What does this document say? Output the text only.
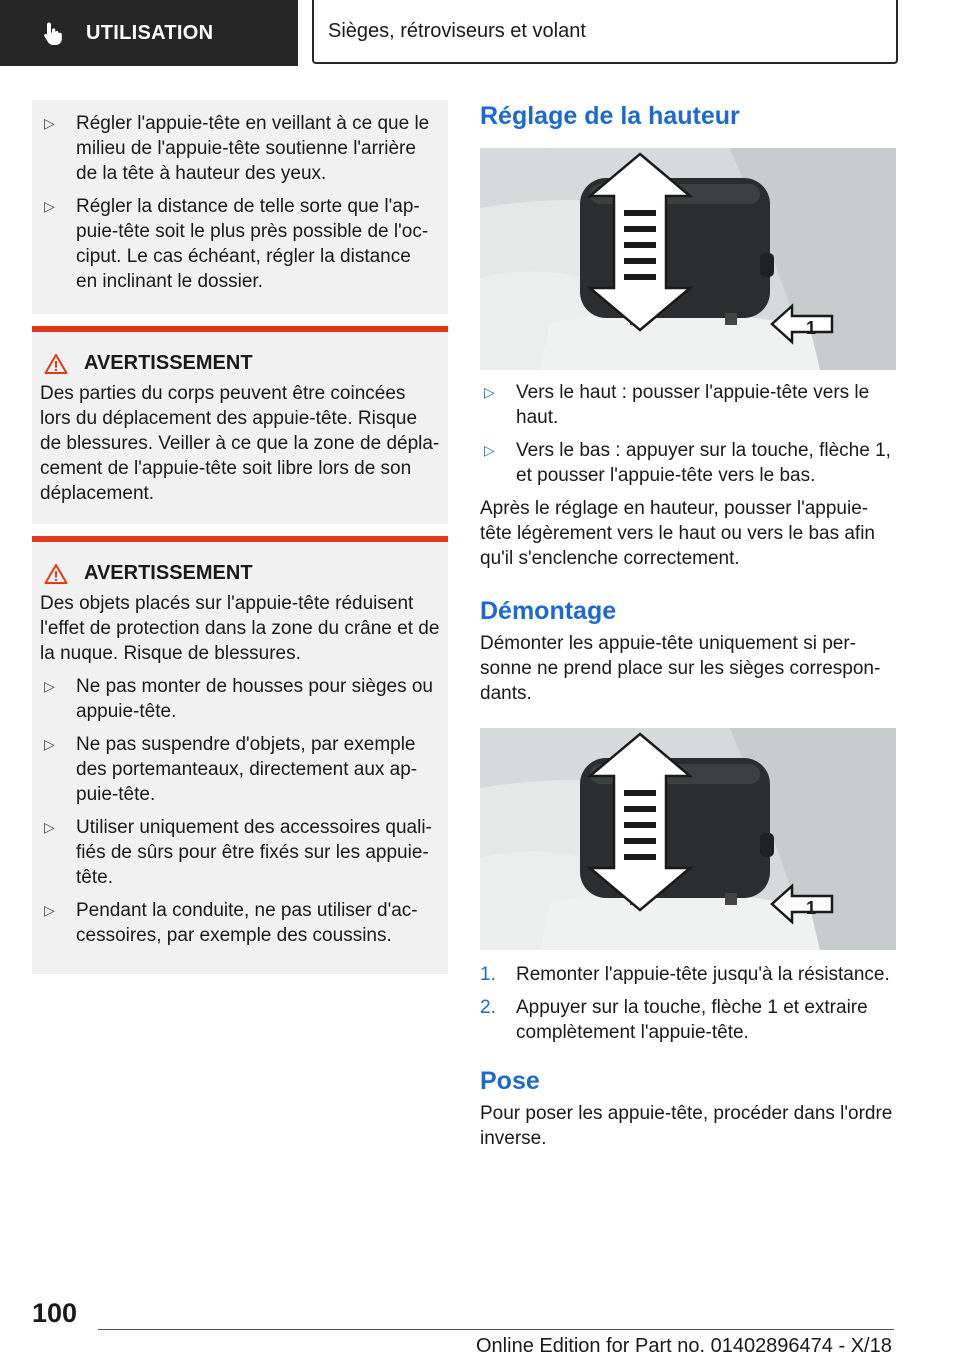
UTILISATION	Sièges, rétroviseurs et volant
▷ Régler l'appuie-tête en veillant à ce que le milieu de l'appuie-tête soutienne l'arrière de la tête à hauteur des yeux.
▷ Régler la distance de telle sorte que l'ap-puie-tête soit le plus près possible de l'oc-ciput. Le cas échéant, régler la distance en inclinant le dossier.
AVERTISSEMENT

Des parties du corps peuvent être coincées lors du déplacement des appuie-tête. Risque de blessures. Veiller à ce que la zone de dépla-cement de l'appuie-tête soit libre lors de son déplacement.

AVERTISSEMENT

Des objets placés sur l'appuie-tête réduisent l'effet de protection dans la zone du crâne et de la nuque. Risque de blessures.

▷ Ne pas monter de housses pour sièges ou appuie-tête.
▷ Ne pas suspendre d'objets, par exemple des portemanteaux, directement aux ap-puie-tête.
▷ Utiliser uniquement des accessoires quali-fiés de sûrs pour être fixés sur les appuie-tête.
▷ Pendant la conduite, ne pas utiliser d'ac-cessoires, par exemple des coussins.
Réglage de la hauteur
1
▷ Vers le haut : pousser l'appuie-tête vers le haut.
▷ Vers le bas : appuyer sur la touche, flèche 1, et pousser l'appuie-tête vers le bas.

Après le réglage en hauteur, pousser l'appuie-tête légèrement vers le haut ou vers le bas afin qu'il s'enclenche correctement.

Démontage

Démonter les appuie-tête uniquement si per-sonne ne prend place sur les sièges correspon-dants.

1
1. Remonter l'appuie-tête jusqu'à la résistance.
2. Appuyer sur la touche, flèche 1 et extraire complètement l'appuie-tête.
Pose

Pour poser les appuie-tête, procéder dans l'ordre inverse.

100
Online Edition for Part no. 01402896474 - X/18
